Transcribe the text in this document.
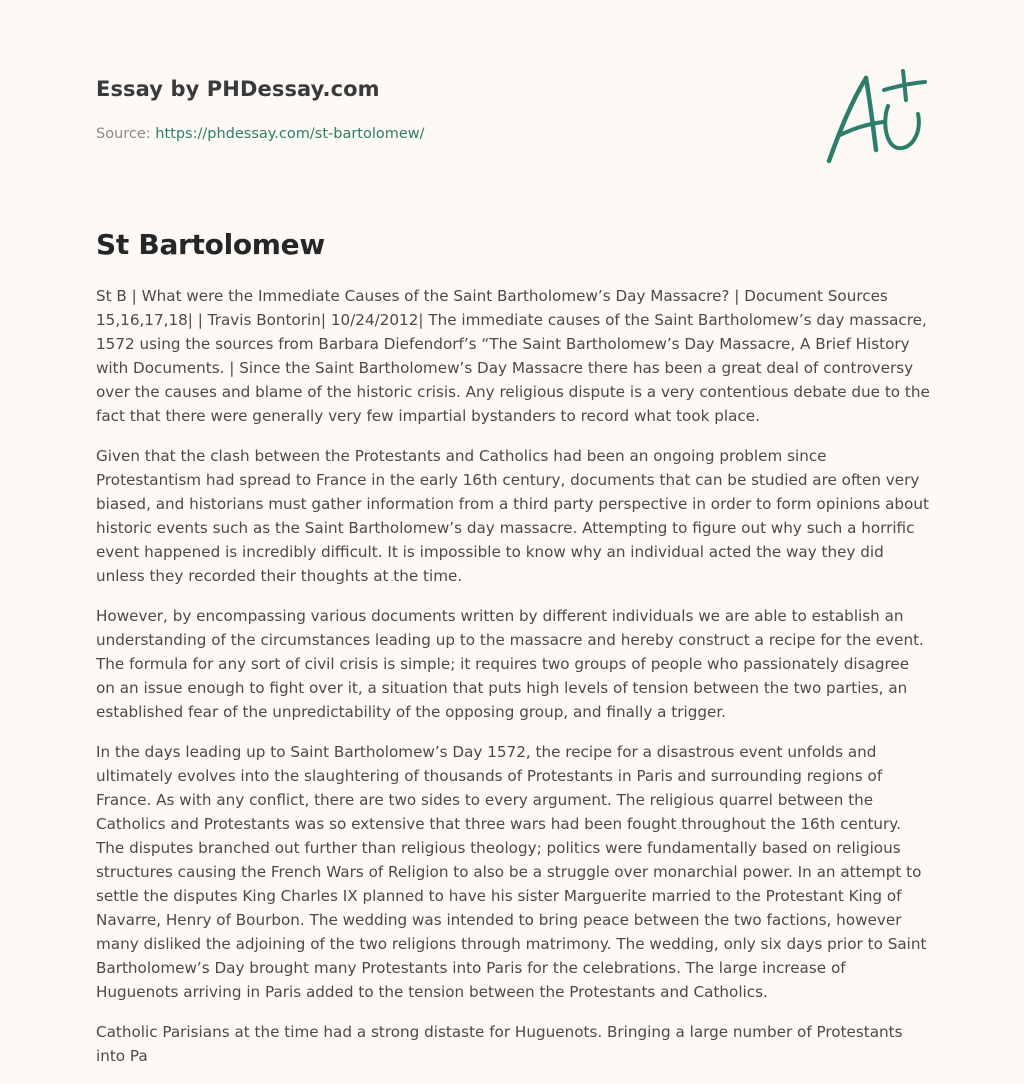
Essay by PHDessay.com
Source: https://phdessay.com/st-bartolomew/
St Bartolomew

St B | What were the Immediate Causes of the Saint Bartholomew’s Day Massacre? | Document Sources 15,16,17,18| | Travis Bontorin| 10/24/2012| The immediate causes of the Saint Bartholomew’s day massacre, 1572 using the sources from Barbara Diefendorf’s “The Saint Bartholomew’s Day Massacre, A Brief History with Documents. | Since the Saint Bartholomew’s Day Massacre there has been a great deal of controversy over the causes and blame of the historic crisis. Any religious dispute is a very contentious debate due to the fact that there were generally very few impartial bystanders to record what took place.

Given that the clash between the Protestants and Catholics had been an ongoing problem since Protestantism had spread to France in the early 16th century, documents that can be studied are often very biased, and historians must gather information from a third party perspective in order to form opinions about historic events such as the Saint Bartholomew’s day massacre. Attempting to figure out why such a horrific event happened is incredibly difficult. It is impossible to know why an individual acted the way they did unless they recorded their thoughts at the time.

However, by encompassing various documents written by different individuals we are able to establish an understanding of the circumstances leading up to the massacre and hereby construct a recipe for the event. The formula for any sort of civil crisis is simple; it requires two groups of people who passionately disagree on an issue enough to fight over it, a situation that puts high levels of tension between the two parties, an established fear of the unpredictability of the opposing group, and finally a trigger.

In the days leading up to Saint Bartholomew’s Day 1572, the recipe for a disastrous event unfolds and ultimately evolves into the slaughtering of thousands of Protestants in Paris and surrounding regions of France. As with any conflict, there are two sides to every argument. The religious quarrel between the Catholics and Protestants was so extensive that three wars had been fought throughout the 16th century. The disputes branched out further than religious theology; politics were fundamentally based on religious structures causing the French Wars of Religion to also be a struggle over monarchial power. In an attempt to settle the disputes King Charles IX planned to have his sister Marguerite married to the Protestant King of Navarre, Henry of Bourbon. The wedding was intended to bring peace between the two factions, however many disliked the adjoining of the two religions through matrimony. The wedding, only six days prior to Saint Bartholomew’s Day brought many Protestants into Paris for the celebrations. The large increase of Huguenots arriving in Paris added to the tension between the Protestants and Catholics.

Catholic Parisians at the time had a strong distaste for Huguenots. Bringing a large number of Protestants into Pa
